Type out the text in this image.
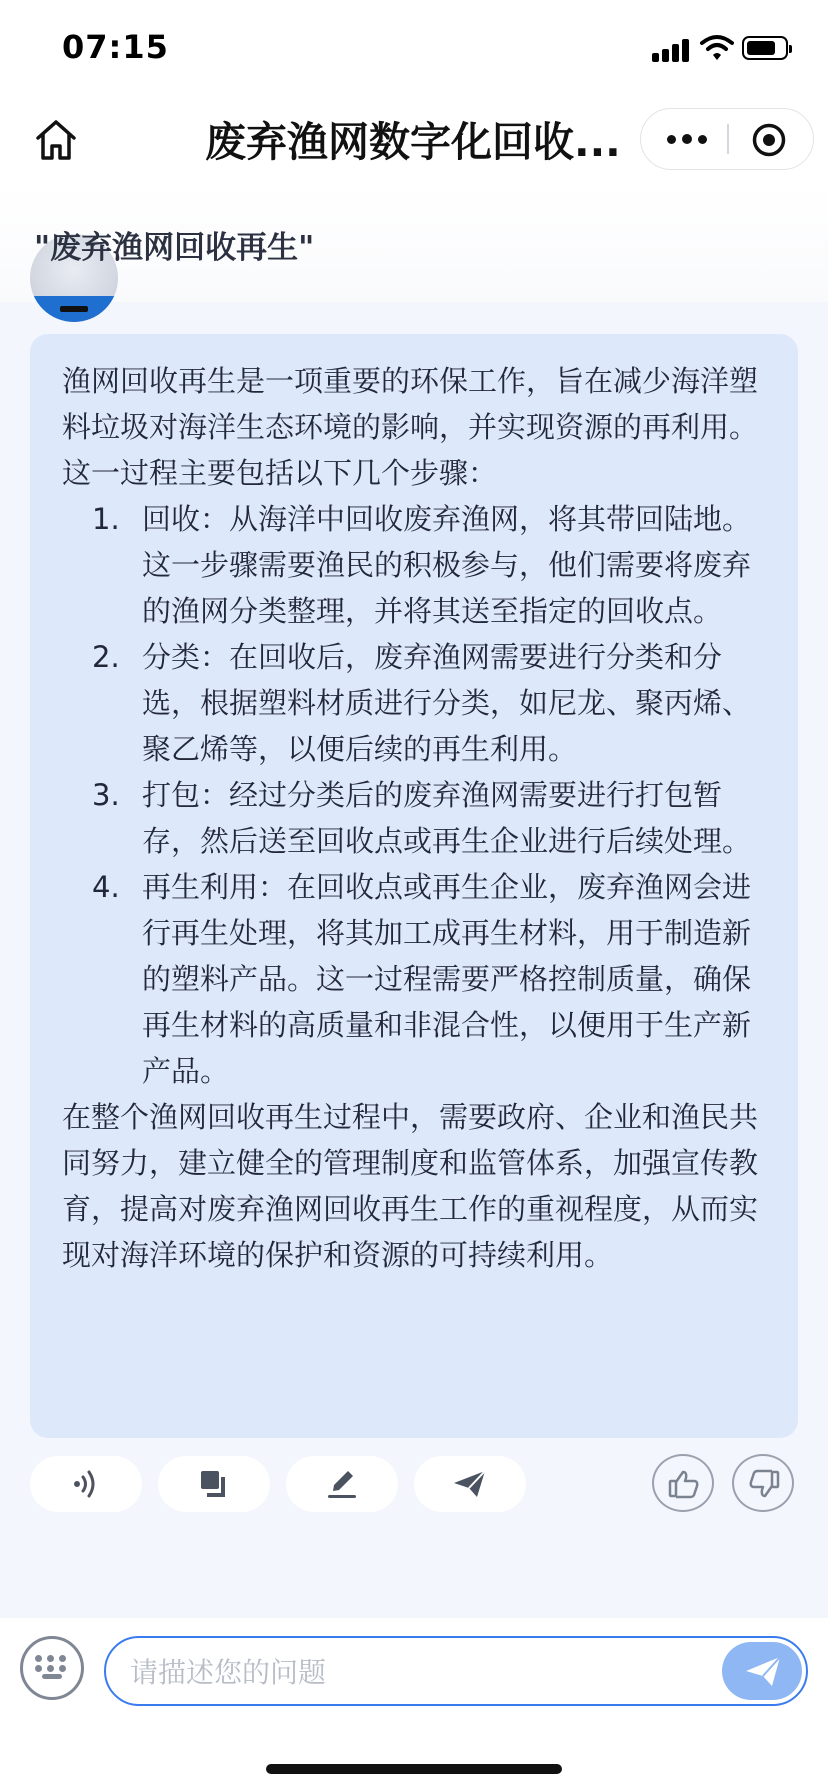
07:15
废弃渔网数字化回收...
"废弃渔网回收再生"

渔网回收再生是一项重要的环保工作，旨在减少海洋塑料垃圾对海洋生态环境的影响，并实现资源的再利用。这一过程主要包括以下几个步骤：

1. 回收：从海洋中回收废弃渔网，将其带回陆地。这一步骤需要渔民的积极参与，他们需要将废弃的渔网分类整理，并将其送至指定的回收点。
2. 分类：在回收后，废弃渔网需要进行分类和分选，根据塑料材质进行分类，如尼龙、聚丙烯、聚乙烯等，以便后续的再生利用。
3. 打包：经过分类后的废弃渔网需要进行打包暂存，然后送至回收点或再生企业进行后续处理。
4. 再生利用：在回收点或再生企业，废弃渔网会进行再生处理，将其加工成再生材料，用于制造新的塑料产品。这一过程需要严格控制质量，确保再生材料的高质量和非混合性，以便用于生产新产品。

在整个渔网回收再生过程中，需要政府、企业和渔民共同努力，建立健全的管理制度和监管体系，加强宣传教育，提高对废弃渔网回收再生工作的重视程度，从而实现对海洋环境的保护和资源的可持续利用。

请描述您的问题
